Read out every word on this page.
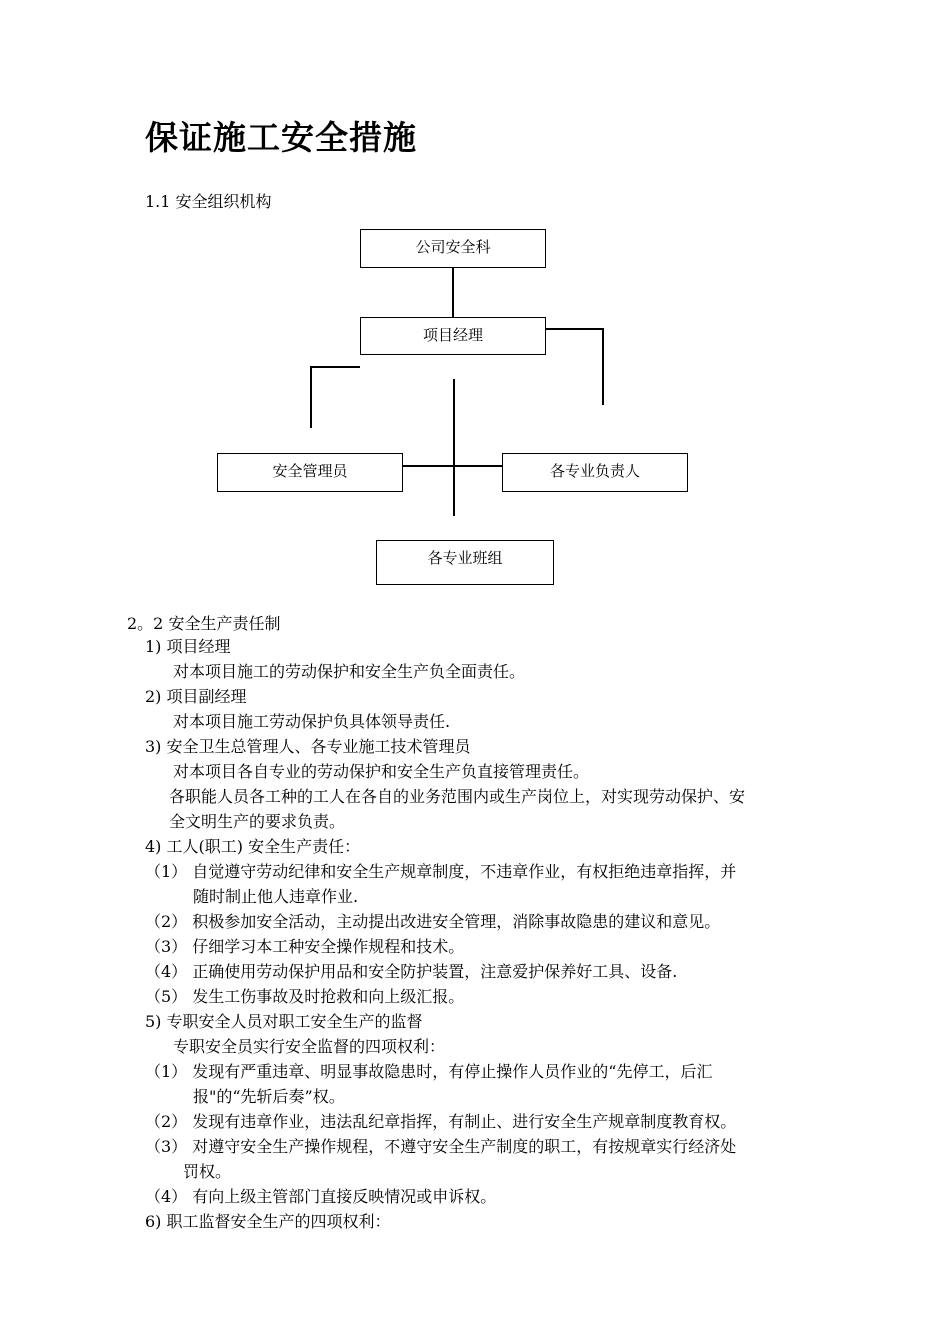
保证施工安全措施
1.1 安全组织机构
公司安全科
项目经理
安全管理员	各专业负责人
各专业班组
2。2 安全生产责任制
1) 项目经理
对本项目施工的劳动保护和安全生产负全面责任。
2) 项目副经理
对本项目施工劳动保护负具体领导责任.
3) 安全卫生总管理人、各专业施工技术管理员
对本项目各自专业的劳动保护和安全生产负直接管理责任。
各职能人员各工种的工人在各自的业务范围内或生产岗位上，对实现劳动保护、安
全文明生产的要求负责。
4) 工人(职工) 安全生产责任：
（1） 自觉遵守劳动纪律和安全生产规章制度，不违章作业，有权拒绝违章指挥，并
随时制止他人违章作业.
（2） 积极参加安全活动，主动提出改进安全管理，消除事故隐患的建议和意见。
（3） 仔细学习本工种安全操作规程和技术。
（4） 正确使用劳动保护用品和安全防护装置，注意爱护保养好工具、设备.
（5） 发生工伤事故及时抢救和向上级汇报。
5) 专职安全人员对职工安全生产的监督
专职安全员实行安全监督的四项权利：
（1） 发现有严重违章、明显事故隐患时，有停止操作人员作业的“先停工，后汇
报"的“先斩后奏”权。
（2） 发现有违章作业，违法乱纪章指挥，有制止、进行安全生产规章制度教育权。
（3） 对遵守安全生产操作规程，不遵守安全生产制度的职工，有按规章实行经济处
罚权。
（4） 有向上级主管部门直接反映情况或申诉权。
6) 职工监督安全生产的四项权利：
